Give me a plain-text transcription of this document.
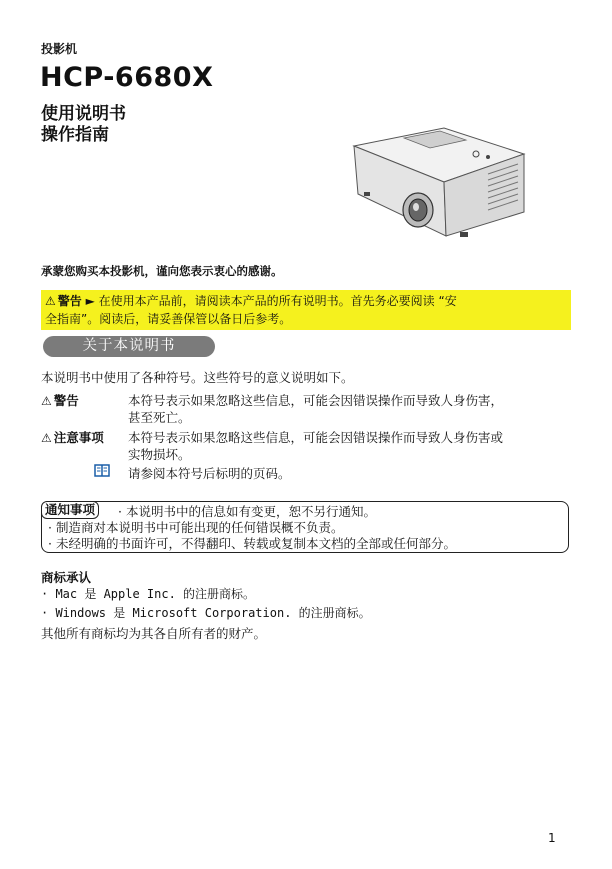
投影机
HCP-6680X
使用说明书
操作指南
承蒙您购买本投影机，谨向您表示衷心的感谢。
⚠ 警告 ► 在使用本产品前，请阅读本产品的所有说明书。首先务必要阅读 “安
全指南”。阅读后，请妥善保管以备日后参考。
关于本说明书
本说明书中使用了各种符号。这些符号的意义说明如下。
⚠ 警告	本符号表示如果忽略这些信息，可能会因错误操作而导致人身伤害，
甚至死亡。
⚠ 注意事项 本符号表示如果忽略这些信息，可能会因错误操作而导致人身伤害或
实物损坏。
请参阅本符号后标明的页码。
通知事项	· 本说明书中的信息如有变更，恕不另行通知。
· 制造商对本说明书中可能出现的任何错误概不负责。
· 未经明确的书面许可，不得翻印、转载或复制本文档的全部或任何部分。
商标承认
· Mac 是 Apple Inc. 的注册商标。
· Windows 是 Microsoft Corporation. 的注册商标。
其他所有商标均为其各自所有者的财产。
1
